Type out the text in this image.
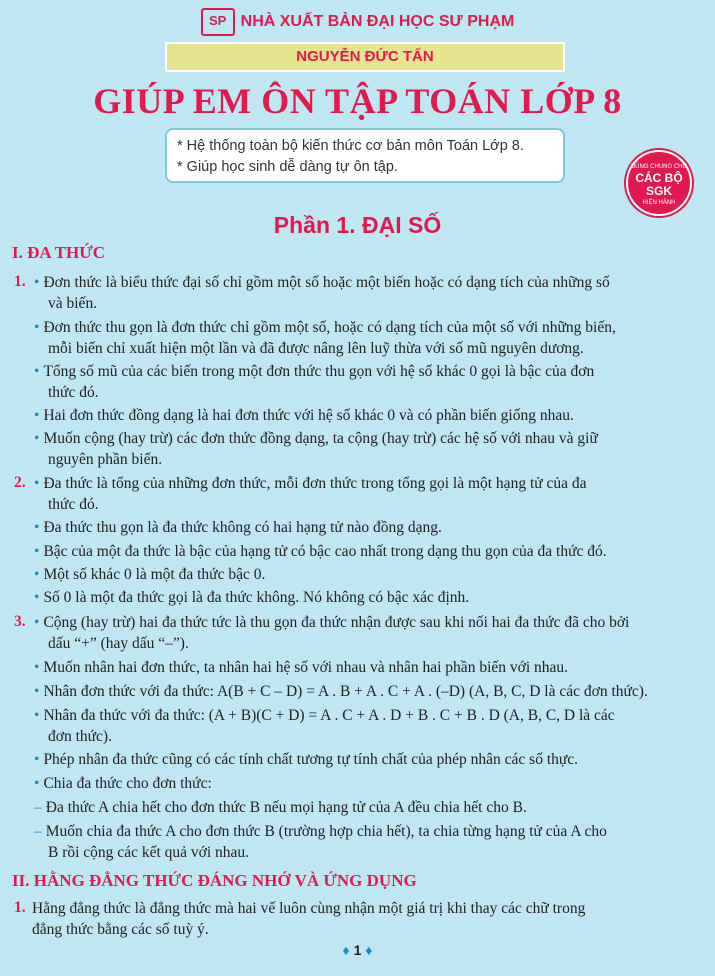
SP NHÀ XUẤT BẢN ĐẠI HỌC SƯ PHẠM
NGUYỄN ĐỨC TẤN
GIÚP EM ÔN TẬP TOÁN LỚP 8
* Hệ thống toàn bộ kiến thức cơ bản môn Toán Lớp 8.
* Giúp học sinh dễ dàng tự ôn tập.	DÙNG CHUNG CHO
CÁC BỘ SGK
HIỆN HÀNH
Phần 1. ĐẠI SỐ
I. ĐA THỨC
1. • Đơn thức là biểu thức đại số chỉ gồm một số hoặc một biến hoặc có dạng tích của những số
và biến.
• Đơn thức thu gọn là đơn thức chỉ gồm một số, hoặc có dạng tích của một số với những biến,
mỗi biến chỉ xuất hiện một lần và đã được nâng lên luỹ thừa với số mũ nguyên dương.
• Tổng số mũ của các biến trong một đơn thức thu gọn với hệ số khác 0 gọi là bậc của đơn
thức đó.
• Hai đơn thức đồng dạng là hai đơn thức với hệ số khác 0 và có phần biến giống nhau.
• Muốn cộng (hay trừ) các đơn thức đồng dạng, ta cộng (hay trừ) các hệ số với nhau và giữ
nguyên phần biến.
2. • Đa thức là tổng của những đơn thức, mỗi đơn thức trong tổng gọi là một hạng tử của đa
thức đó.
• Đa thức thu gọn là đa thức không có hai hạng tử nào đồng dạng.
• Bậc của một đa thức là bậc của hạng tử có bậc cao nhất trong dạng thu gọn của đa thức đó.
• Một số khác 0 là một đa thức bậc 0.
• Số 0 là một đa thức gọi là đa thức không. Nó không có bậc xác định.
3. • Cộng (hay trừ) hai đa thức tức là thu gọn đa thức nhận được sau khi nối hai đa thức đã cho bởi
dấu “+” (hay dấu “–”).
• Muốn nhân hai đơn thức, ta nhân hai hệ số với nhau và nhân hai phần biến với nhau.
• Nhân đơn thức với đa thức: A(B + C – D) = A . B + A . C + A . (–D) (A, B, C, D là các đơn thức).
• Nhân đa thức với đa thức: (A + B)(C + D) = A . C + A . D + B . C + B . D (A, B, C, D là các
đơn thức).
• Phép nhân đa thức cũng có các tính chất tương tự tính chất của phép nhân các số thực.
• Chia đa thức cho đơn thức:
– Đa thức A chia hết cho đơn thức B nếu mọi hạng tử của A đều chia hết cho B.
– Muốn chia đa thức A cho đơn thức B (trường hợp chia hết), ta chia từng hạng tử của A cho
B rồi cộng các kết quả với nhau.
II. HẰNG ĐẲNG THỨC ĐÁNG NHỚ VÀ ỨNG DỤNG
1. Hằng đẳng thức là đẳng thức mà hai vế luôn cùng nhận một giá trị khi thay các chữ trong
đẳng thức bằng các số tuỳ ý.
♦ 1 ♦
